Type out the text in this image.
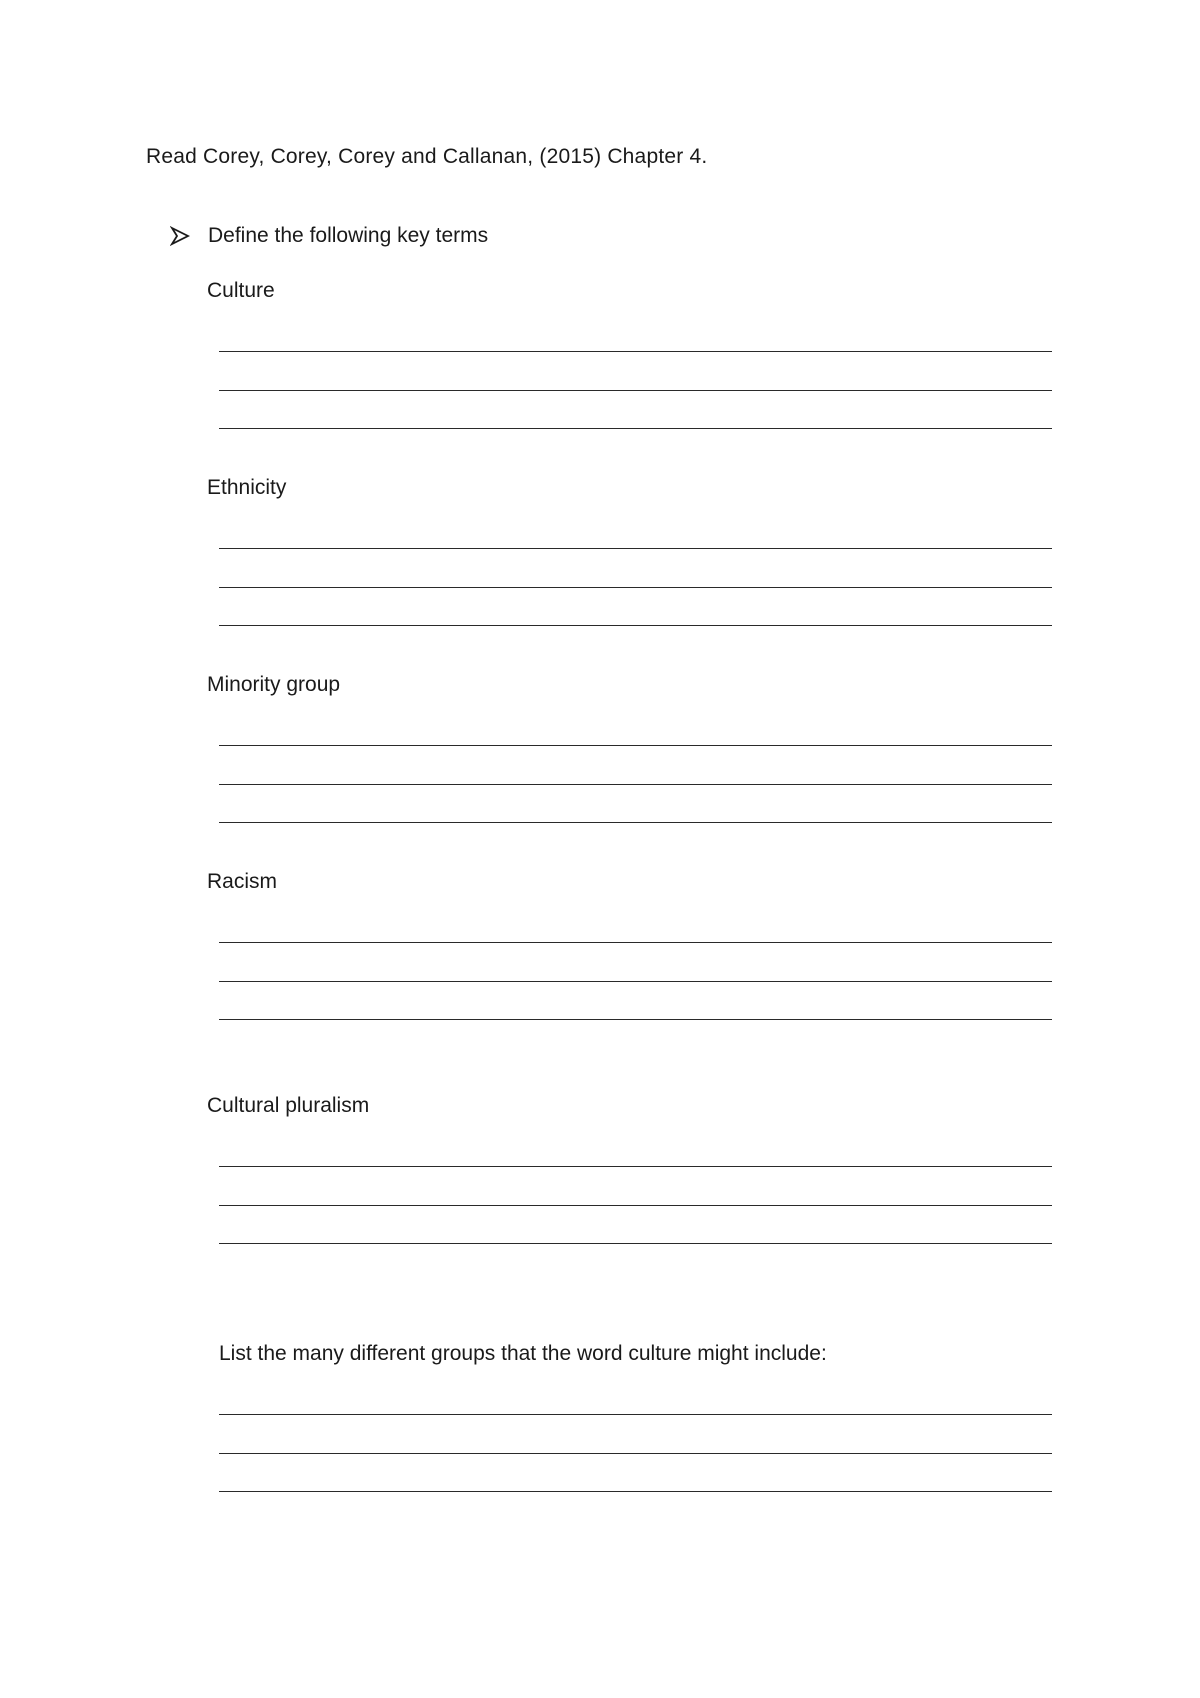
Read Corey, Corey, Corey and Callanan, (2015) Chapter 4.
Define the following key terms
Culture
Ethnicity
Minority group
Racism
Cultural pluralism
List the many different groups that the word culture might include:
